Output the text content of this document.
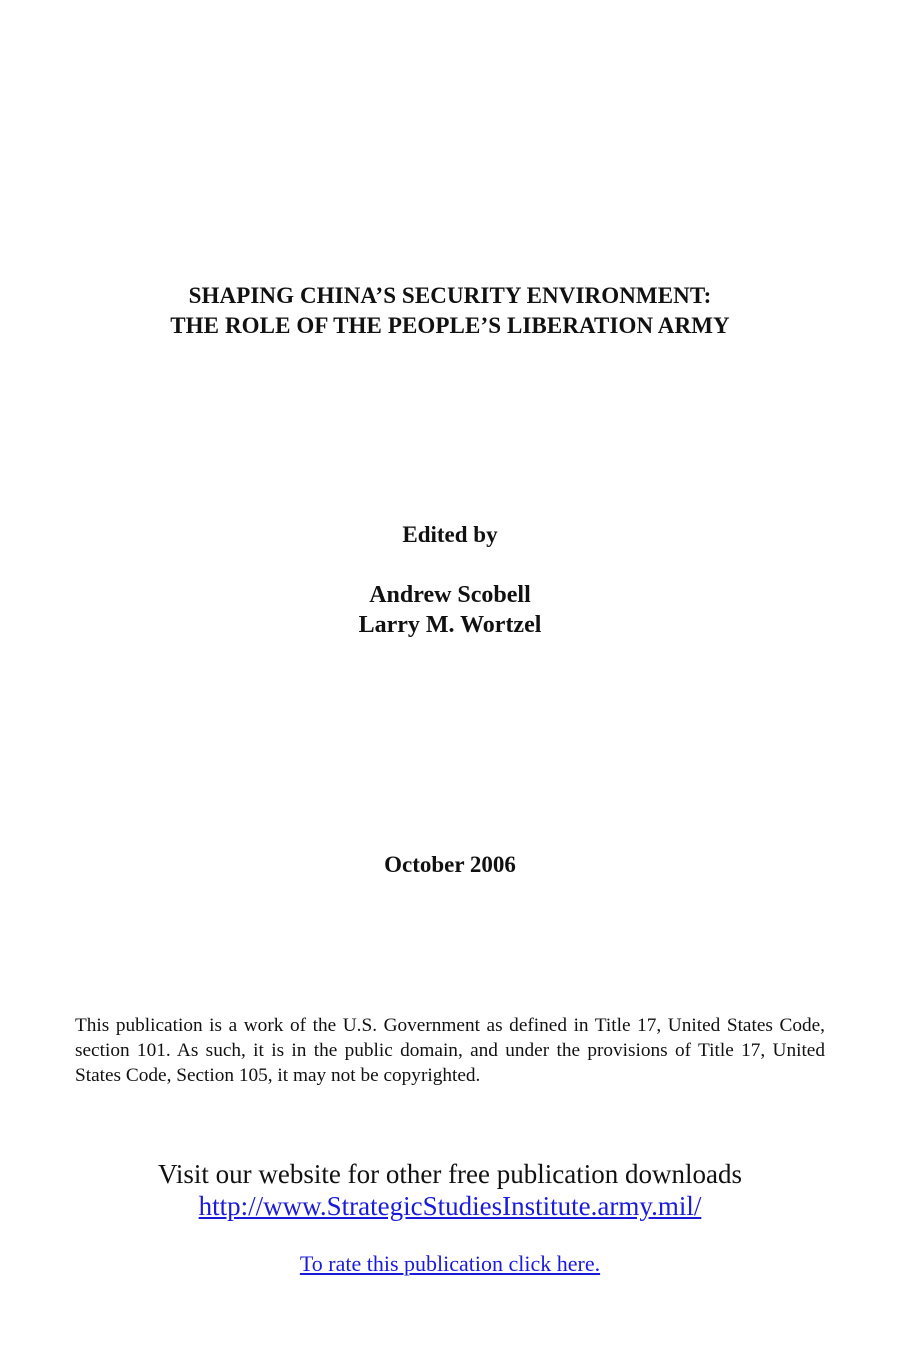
SHAPING CHINA’S SECURITY ENVIRONMENT:
THE ROLE OF THE PEOPLE’S LIBERATION ARMY

Edited by

Andrew Scobell
Larry M. Wortzel

October 2006

This publication is a work of the U.S. Government as defined in Title 17, United States Code, section 101. As such, it is in the public domain, and under the provisions of Title 17, United States Code, Section 105, it may not be copyrighted.

Visit our website for other free publication downloads

http://www.StrategicStudiesInstitute.army.mil/

To rate this publication click here.
